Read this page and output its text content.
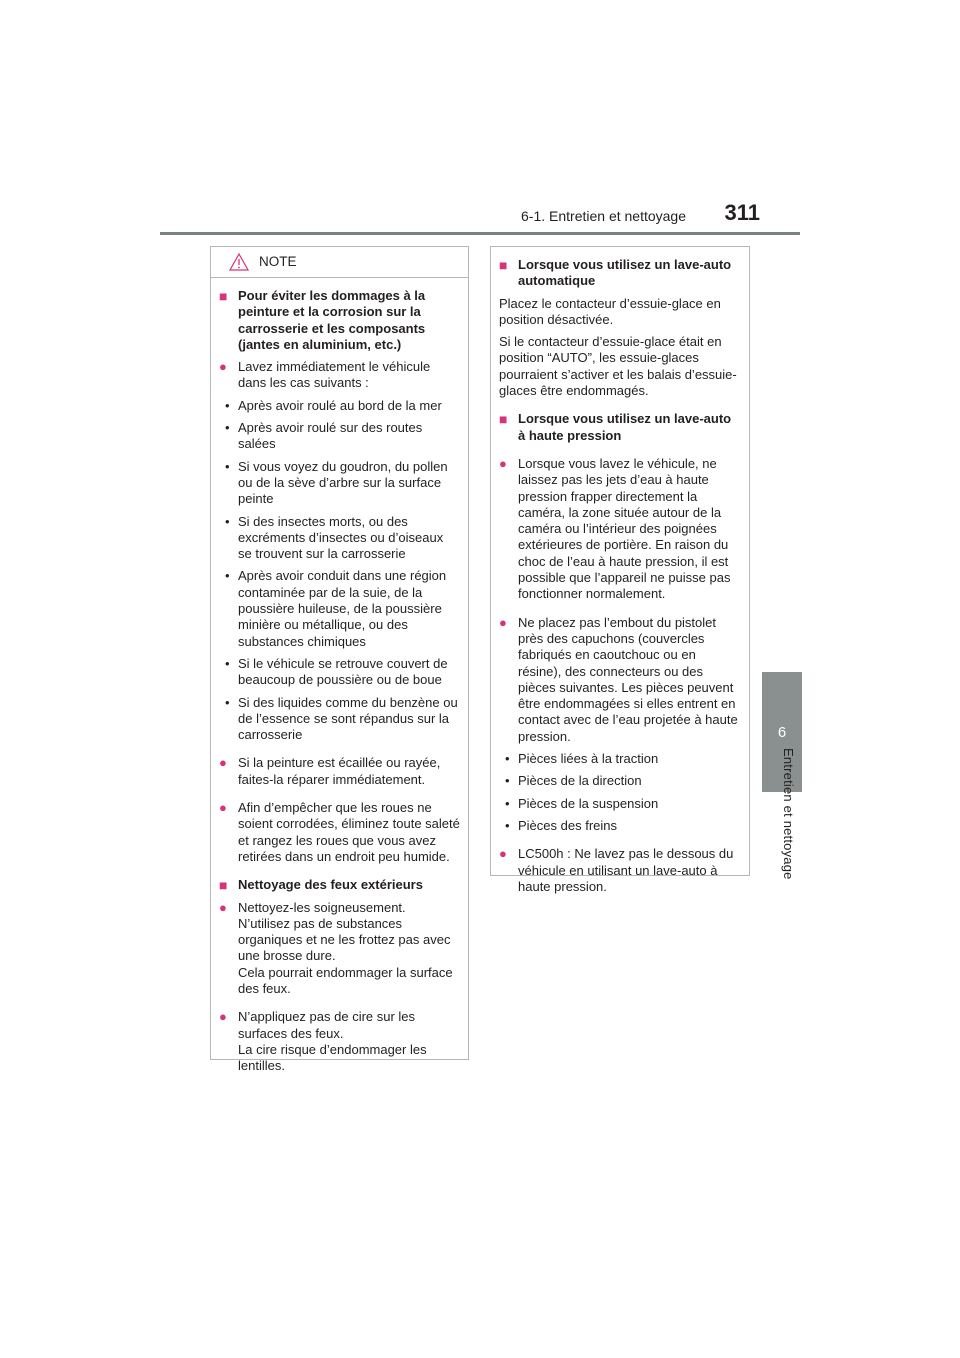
6-1. Entretien et nettoyage	311
6
Entretien et nettoyage
NOTE
■ Pour éviter les dommages à la peinture et la corrosion sur la carrosserie et les composants (jantes en aluminium, etc.)
● Lavez immédiatement le véhicule dans les cas suivants :
• Après avoir roulé au bord de la mer
• Après avoir roulé sur des routes salées
• Si vous voyez du goudron, du pollen ou de la sève d’arbre sur la surface peinte
• Si des insectes morts, ou des excréments d’insectes ou d’oiseaux se trouvent sur la carrosserie
• Après avoir conduit dans une région contaminée par de la suie, de la poussière huileuse, de la poussière minière ou métallique, ou des substances chimiques
• Si le véhicule se retrouve couvert de beaucoup de poussière ou de boue
• Si des liquides comme du benzène ou de l’essence se sont répandus sur la carrosserie
● Si la peinture est écaillée ou rayée, faites-la réparer immédiatement.
● Afin d’empêcher que les roues ne soient corrodées, éliminez toute saleté et rangez les roues que vous avez retirées dans un endroit peu humide.
■ Nettoyage des feux extérieurs
● Nettoyez-les soigneusement. N’utilisez pas de substances organiques et ne les frottez pas avec une brosse dure.
Cela pourrait endommager la surface des feux.
● N’appliquez pas de cire sur les surfaces des feux.
La cire risque d’endommager les lentilles.
■ Lorsque vous utilisez un lave-auto automatique
Placez le contacteur d’essuie-glace en position désactivée.
Si le contacteur d’essuie-glace était en position “AUTO”, les essuie-glaces pourraient s’activer et les balais d’essuie-glaces être endommagés.
■ Lorsque vous utilisez un lave-auto à haute pression
● Lorsque vous lavez le véhicule, ne laissez pas les jets d’eau à haute pression frapper directement la caméra, la zone située autour de la caméra ou l’intérieur des poignées extérieures de portière. En raison du choc de l’eau à haute pression, il est possible que l’appareil ne puisse pas fonctionner normalement.
● Ne placez pas l’embout du pistolet près des capuchons (couvercles fabriqués en caoutchouc ou en résine), des connecteurs ou des pièces suivantes. Les pièces peuvent être endommagées si elles entrent en contact avec de l’eau projetée à haute pression.
• Pièces liées à la traction
• Pièces de la direction
• Pièces de la suspension
• Pièces des freins
● LC500h : Ne lavez pas le dessous du véhicule en utilisant un lave-auto à haute pression.
